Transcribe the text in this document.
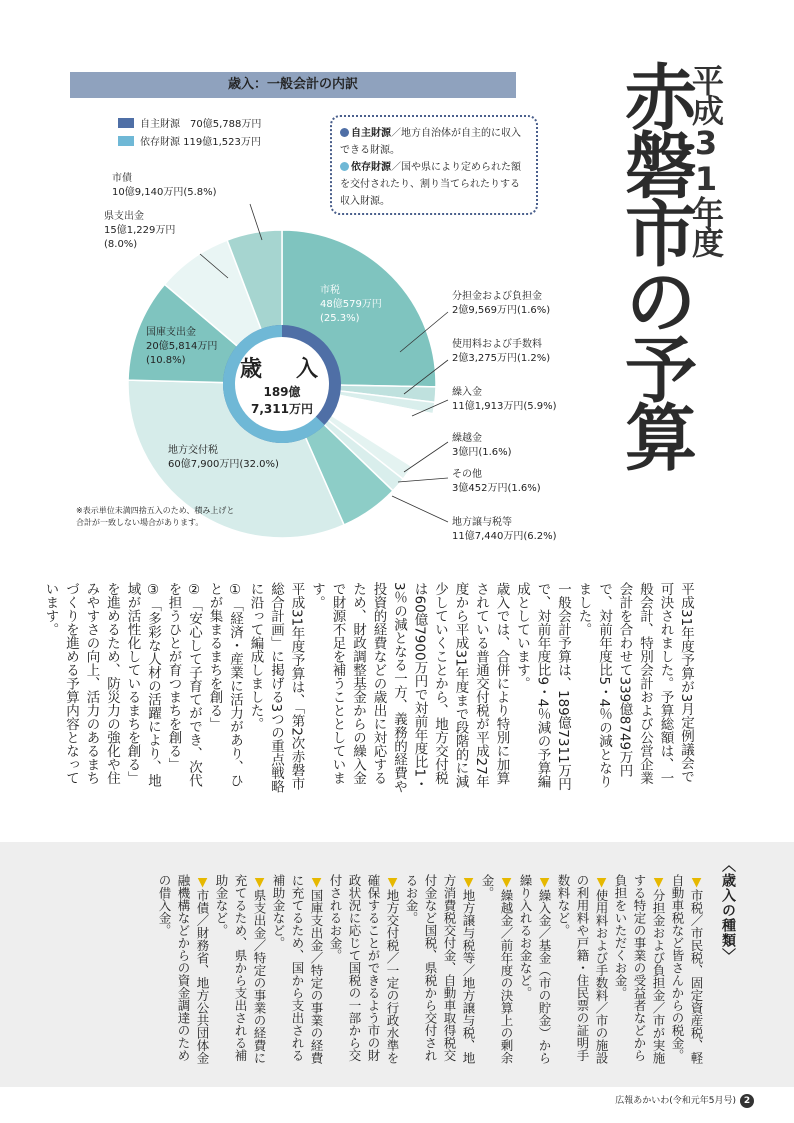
歳入：一般会計の内訳	平成31年度
赤磐市の予算
自主財源　70億5,788万円
依存財源 119億1,523万円
自主財源／地方自治体が自主的に収入できる財源。
依存財源／国や県により定められた額を交付されたり、割り当てられたりする収入財源。
歳　入
189億
7,311万円
市税
48億579万円
(25.3%)
分担金および負担金
2億9,569万円(1.6%)
使用料および手数料
2億3,275万円(1.2%)
繰入金
11億1,913万円(5.9%)
繰越金
3億円(1.6%)
その他
3億452万円(1.6%)
地方譲与税等
11億7,440万円(6.2%)
地方交付税
60億7,900万円(32.0%)
国庫支出金
20億5,814万円
(10.8%)
県支出金
15億1,229万円
(8.0%)
市債
10億9,140万円(5.8%)
※表示単位未満四捨五入のため、積み上げと合計が一致しない場合があります。

平成31年度予算が3月定例議会で可決されました。予算総額は、一般会計、特別会計および公営企業会計を合わせて339億8749万円で、対前年度比5・4％の減となりました。

一般会計予算は、189億7311万円で、対前年度比9・4％減の予算編成としています。

歳入では、合併により特別に加算されている普通交付税が平成27年度から平成31年度まで段階的に減少していくことから、地方交付税は60億7900万円で対前年度比1・3％の減となる一方、義務的経費や投資的経費などの歳出に対応するため、財政調整基金からの繰入金で財源不足を補うこととしています。

平成31年度予算は、「第2次赤磐市総合計画」に掲げる3つの重点戦略に沿って編成しました。

①「経済・産業に活力があり、ひとが集まるまちを創る」

②「安心して子育てができ、次代を担うひとが育つまちを創る」

③「多彩な人材の活躍により、地域が活性化しているまちを創る」

を進めるため、防災力の強化や住みやすさの向上、活力のあるまちづくりを進める予算内容となっています。

〈歳入の種類〉
▼市税／市民税、固定資産税、軽自動車税など皆さんからの税金。
▼分担金および負担金／市が実施する特定の事業の受益者などから負担をいただくお金。
▼使用料および手数料／市の施設の利用料や戸籍・住民票の証明手数料など。
▼繰入金／基金（市の貯金）から繰り入れるお金など。
▼繰越金／前年度の決算上の剰余金。
▼地方譲与税等／地方譲与税、地方消費税交付金、自動車取得税交付金など国税、県税から交付されるお金。
▼地方交付税／一定の行政水準を確保することができるよう市の財政状況に応じて国税の一部から交付されるお金。
▼国庫支出金／特定の事業の経費に充てるため、国から支出される補助金など。
▼県支出金／特定の事業の経費に充てるため、県から支出される補助金など。
▼市債／財務省、地方公共団体金融機構などからの資金調達のための借入金。
広報あかいわ(令和元年5月号) 2
